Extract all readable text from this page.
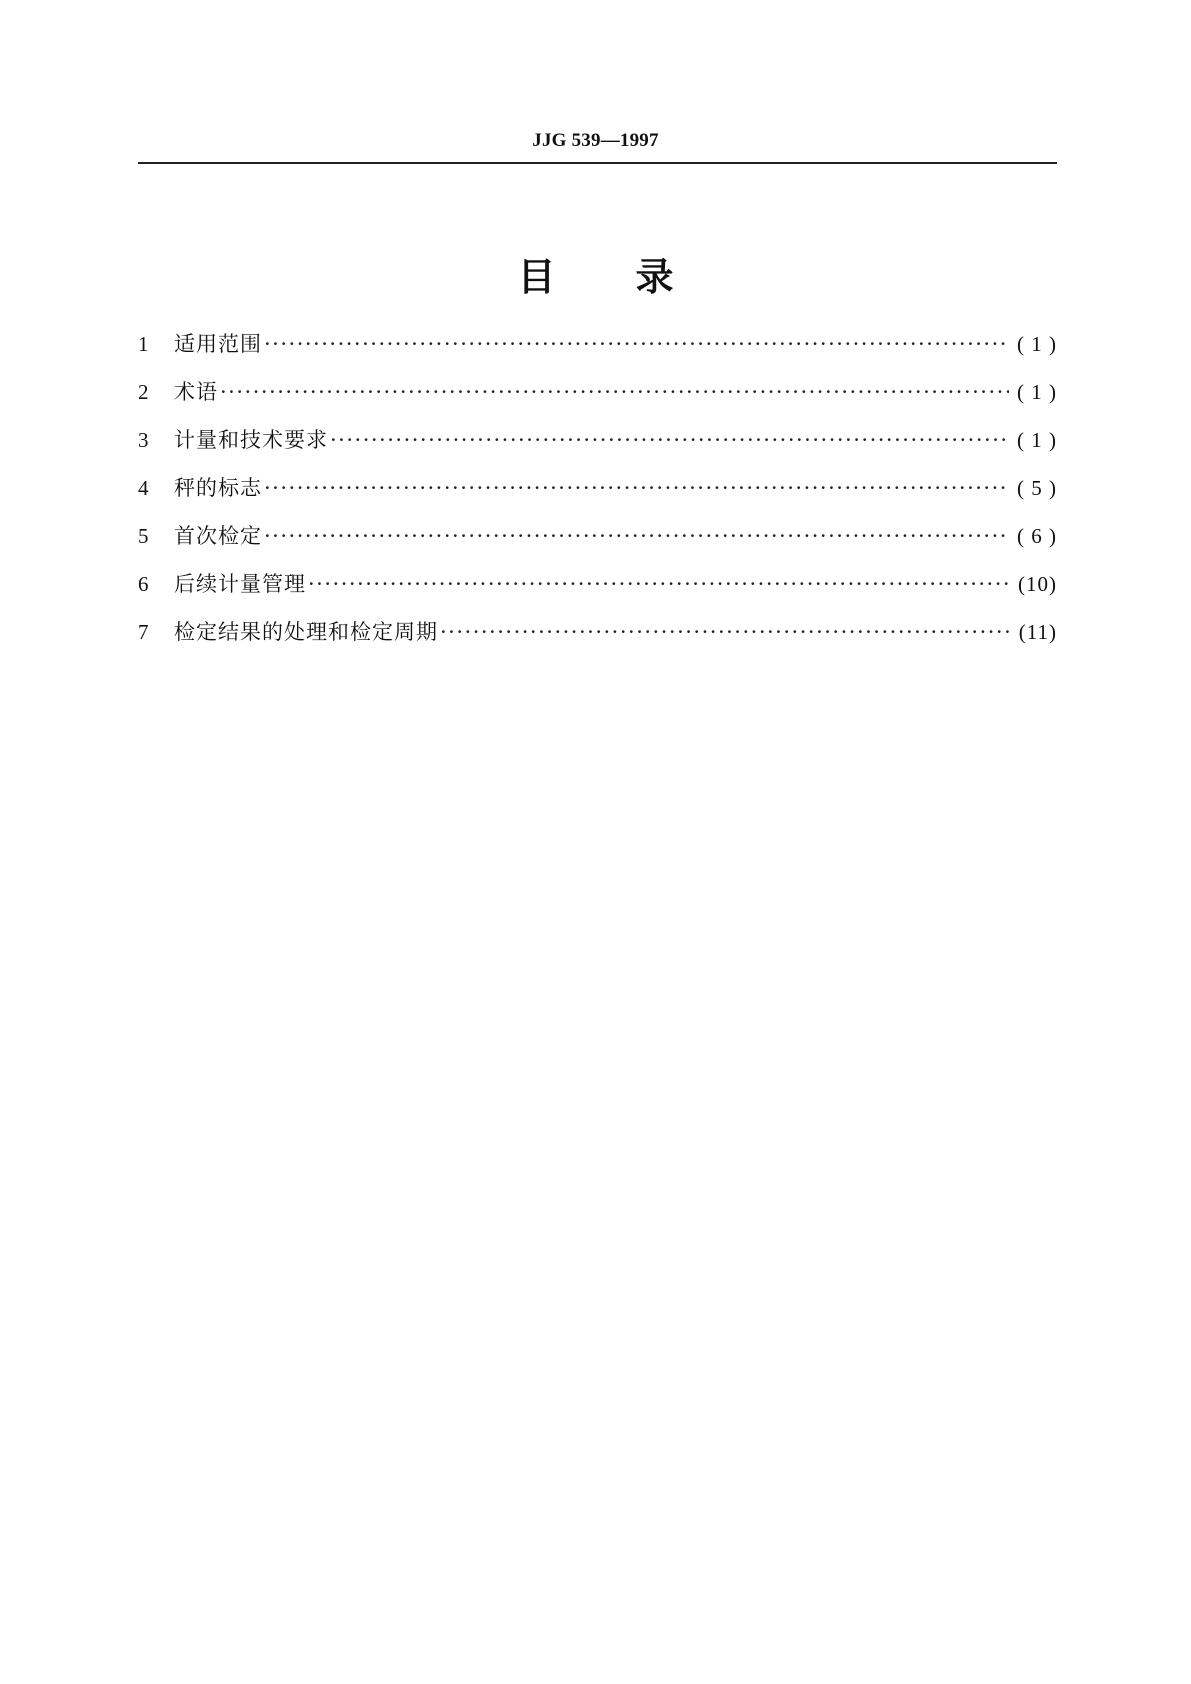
JJG 539—1997
目 录
1	适用范围 ·····	( 1 )
2	术语 ·····	( 1 )
3	计量和技术要求 ·····	( 1 )
4	秤的标志 ·····	( 5 )
5	首次检定 ·····	( 6 )
6	后续计量管理 ·····	(10)
7	检定结果的处理和检定周期 ·····	(11)
